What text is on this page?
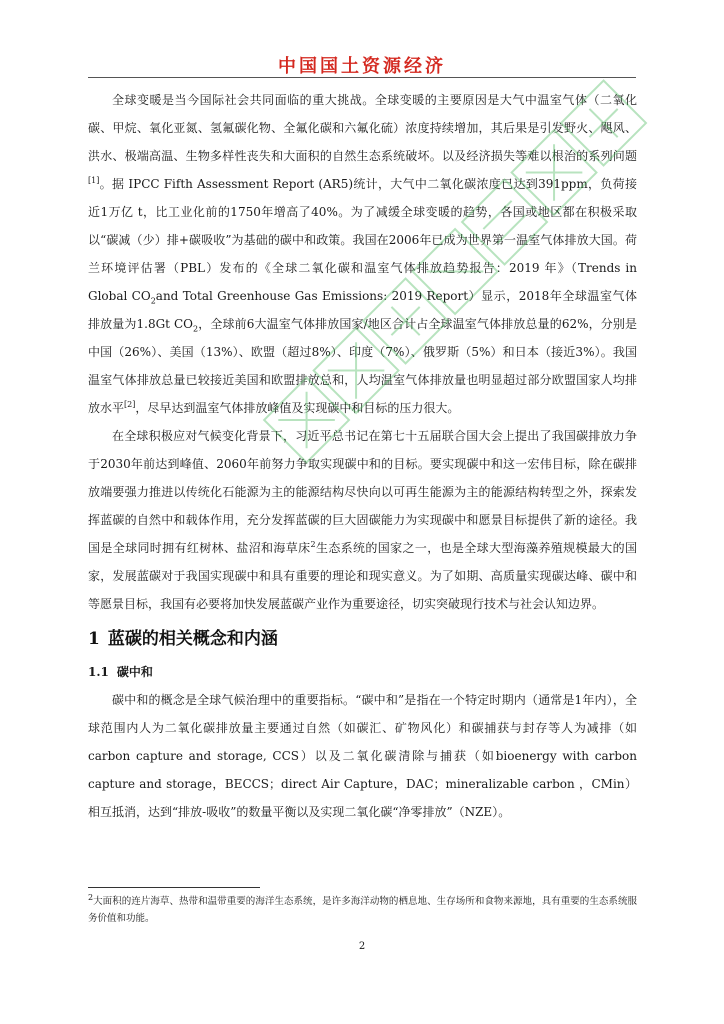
中国国土资源经济

全球变暖是当今国际社会共同面临的重大挑战。全球变暖的主要原因是大气中温室气体（二氧化碳、甲烷、氧化亚氮、氢氟碳化物、全氟化碳和六氟化硫）浓度持续增加，其后果是引发野火、飓风、洪水、极端高温、生物多样性丧失和大面积的自然生态系统破坏。以及经济损失等难以根治的系列问题[1]。据 IPCC Fifth Assessment Report (AR5)统计，大气中二氧化碳浓度已达到391ppm，负荷接近1万亿 t，比工业化前的1750年增高了40%。为了减缓全球变暖的趋势，各国或地区都在积极采取以“碳减（少）排+碳吸收”为基础的碳中和政策。我国在2006年已成为世界第一温室气体排放大国。荷兰环境评估署（PBL）发布的《全球二氧化碳和温室气体排放趋势报告：2019 年》（Trends in Global $CO_2and$ Total Greenhouse Gas Emissions: 2019 Report）显示，2018年全球温室气体排放量为1.8Gt $CO_2$，全球前6大温室气体排放国家/地区合计占全球温室气体排放总量的62%，分别是中国（26%）、美国（13%）、欧盟（超过8%）、印度（7%）、俄罗斯（5%）和日本（接近3%）。我国温室气体排放总量已较接近美国和欧盟排放总和，人均温室气体排放量也明显超过部分欧盟国家人均排放水平[2]，尽早达到温室气体排放峰值及实现碳中和目标的压力很大。

在全球积极应对气候变化背景下，习近平总书记在第七十五届联合国大会上提出了我国碳排放力争于2030年前达到峰值、2060年前努力争取实现碳中和的目标。要实现碳中和这一宏伟目标，除在碳排放端要强力推进以传统化石能源为主的能源结构尽快向以可再生能源为主的能源结构转型之外，探索发挥蓝碳的自然中和载体作用，充分发挥蓝碳的巨大固碳能力为实现碳中和愿景目标提供了新的途径。我国是全球同时拥有红树林、盐沼和海草床$^2$生态系统的国家之一，也是全球大型海藻养殖规模最大的国家，发展蓝碳对于我国实现碳中和具有重要的理论和现实意义。为了如期、高质量实现碳达峰、碳中和等愿景目标，我国有必要将加快发展蓝碳产业作为重要途径，切实突破现行技术与社会认知边界。

1 蓝碳的相关概念和内涵
1.1 碳中和

碳中和的概念是全球气候治理中的重要指标。“碳中和”是指在一个特定时期内（通常是1年内），全球范围内人为二氧化碳排放量主要通过自然（如碳汇、矿物风化）和碳捕获与封存等人为减排（如carbon capture and storage, CCS）以及二氧化碳清除与捕获（如bioenergy with carbon capture and storage，BECCS；direct Air Capture，DAC；mineralizable carbon ，CMin）相互抵消，达到“排放-吸收”的数量平衡以及实现二氧化碳“净零排放”（NZE）。

$^2$大面积的连片海草、热带和温带重要的海洋生态系统，是许多海洋动物的栖息地、生存场所和食物来源地，具有重要的生态系统服务价值和功能。
2
